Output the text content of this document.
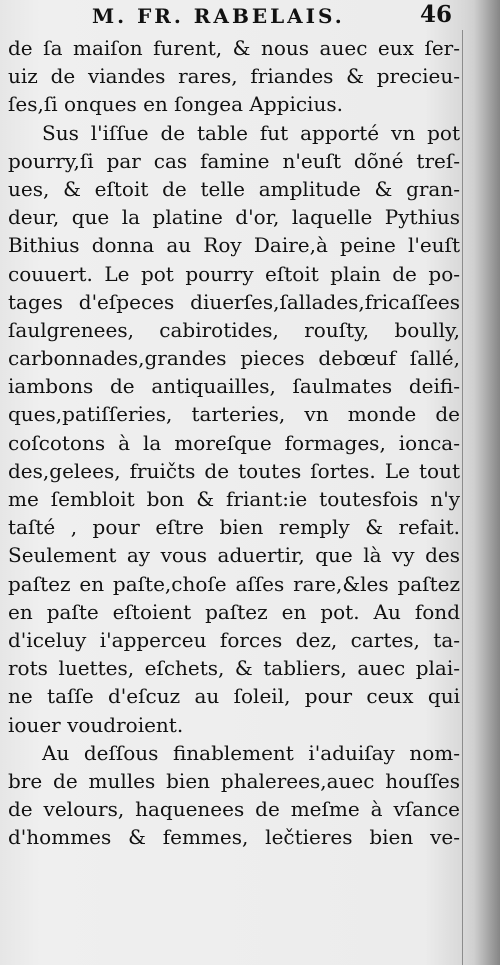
M. FR. RABELAIS.	46
de ſa maiſon furent, & nous auec eux ſer-
uiz de viandes rares, friandes & precieu-
ſes,ſi onques en ſongea Appicius.
Sus l'iſſue de table fut apporté vn pot
pourry,ſi par cas famine n'euſt dõné treſ-
ues, & eſtoit de telle amplitude & gran-
deur, que la platine d'or, laquelle Pythius
Bithius donna au Roy Daire,à peine l'euſt
couuert. Le pot pourry eſtoit plain de po-
tages d'eſpeces diuerſes,ſallades,fricaſſees
ſaulgrenees, cabirotides, rouſty, boully,
carbonnades,grandes pieces debœuf ſallé,
iambons de antiquailles, ſaulmates deifi-
ques,patiſſeries, tarteries, vn monde de
coſcotons à la moreſque formages, ioncа-
des,gelees, fruičts de toutes ſortes. Le tout
me ſembloit bon & friant:ie toutesfois n'y
taſté , pour eſtre bien remply & refait.
Seulement ay vous aduertir, que là vy des
paſtez en paſte,choſe aſſes rare,&les paſtez
en paſte eſtoient paſtez en pot. Au fond
d'iceluy i'apperceu forces dez, cartes, ta-
rots luettes, eſchets, & tabliers, auec plai-
ne taſſe d'eſcuz au ſoleil, pour ceux qui
iouer voudroient.
Au deſſous finablement i'aduiſay nom-
bre de mulles bien phalerees,auec houſſes
de velours, haquenees de meſme à vſance
d'hommes & femmes, lečtieres bien ve-
